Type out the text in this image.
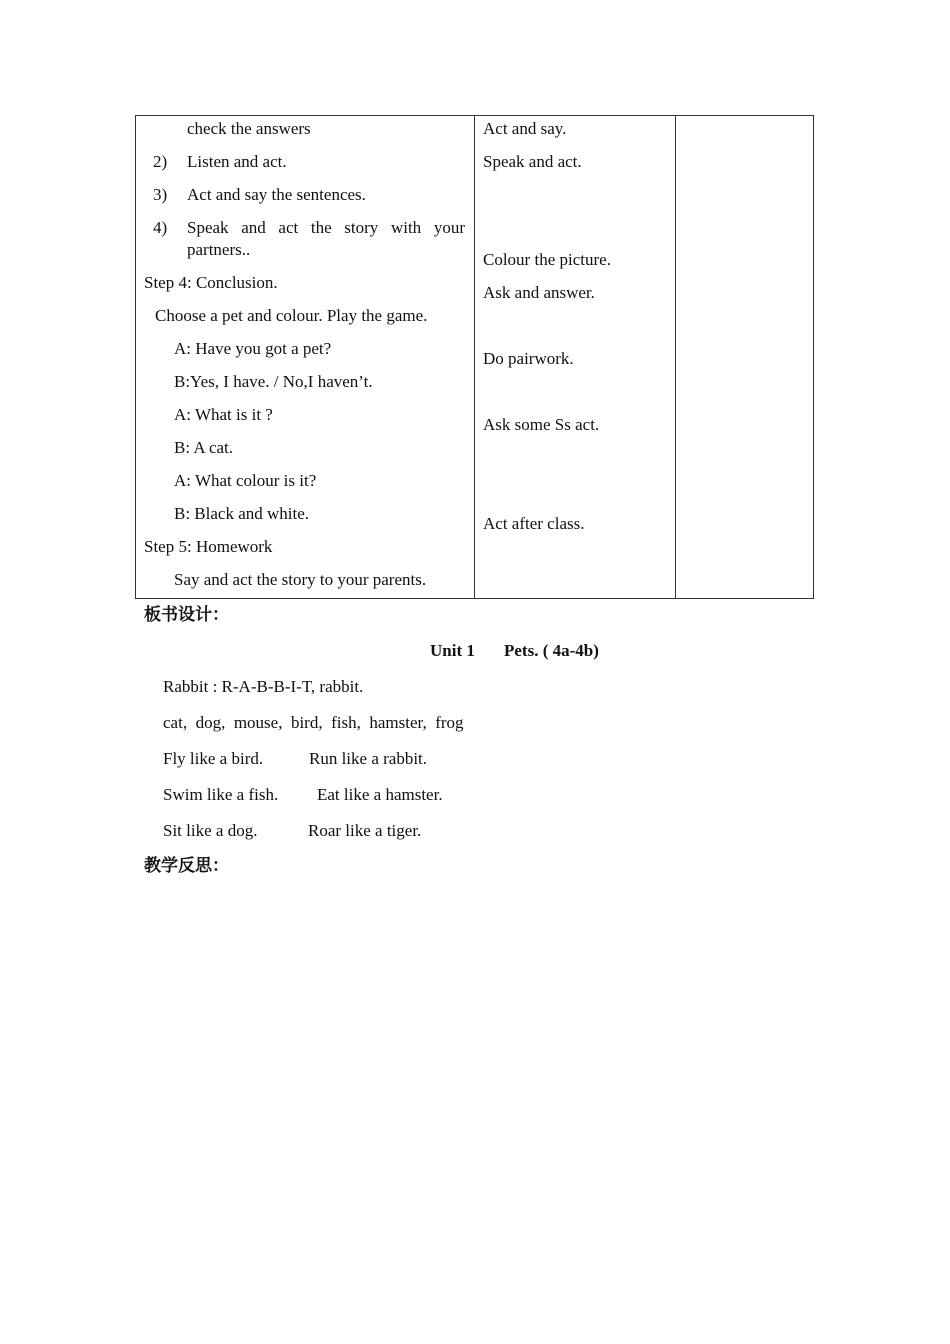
check the answers
2) Listen and act.
3) Act and say the sentences.
4) Speak and act the story with your
partners..
Step 4: Conclusion.
Choose a pet and colour. Play the game.
A: Have you got a pet?
B:Yes, I have. / No,I haven’t.
A: What is it ?
B: A cat.
A: What colour is it?
B: Black and white.
Step 5: Homework
Say and act the story to your parents.
Act and say.
Speak and act.
Colour the picture.
Ask and answer.
Do pairwork.
Ask some Ss act.
Act after class.
板书设计：
Unit 1 Pets. ( 4a-4b)
Rabbit : R-A-B-B-I-T, rabbit.
cat,  dog,  mouse,  bird,  fish,  hamster,  frog
Fly like a bird.	Run like a rabbit.
Swim like a fish. Eat like a hamster.
Sit like a dog.	Roar like a tiger.
教学反思：
